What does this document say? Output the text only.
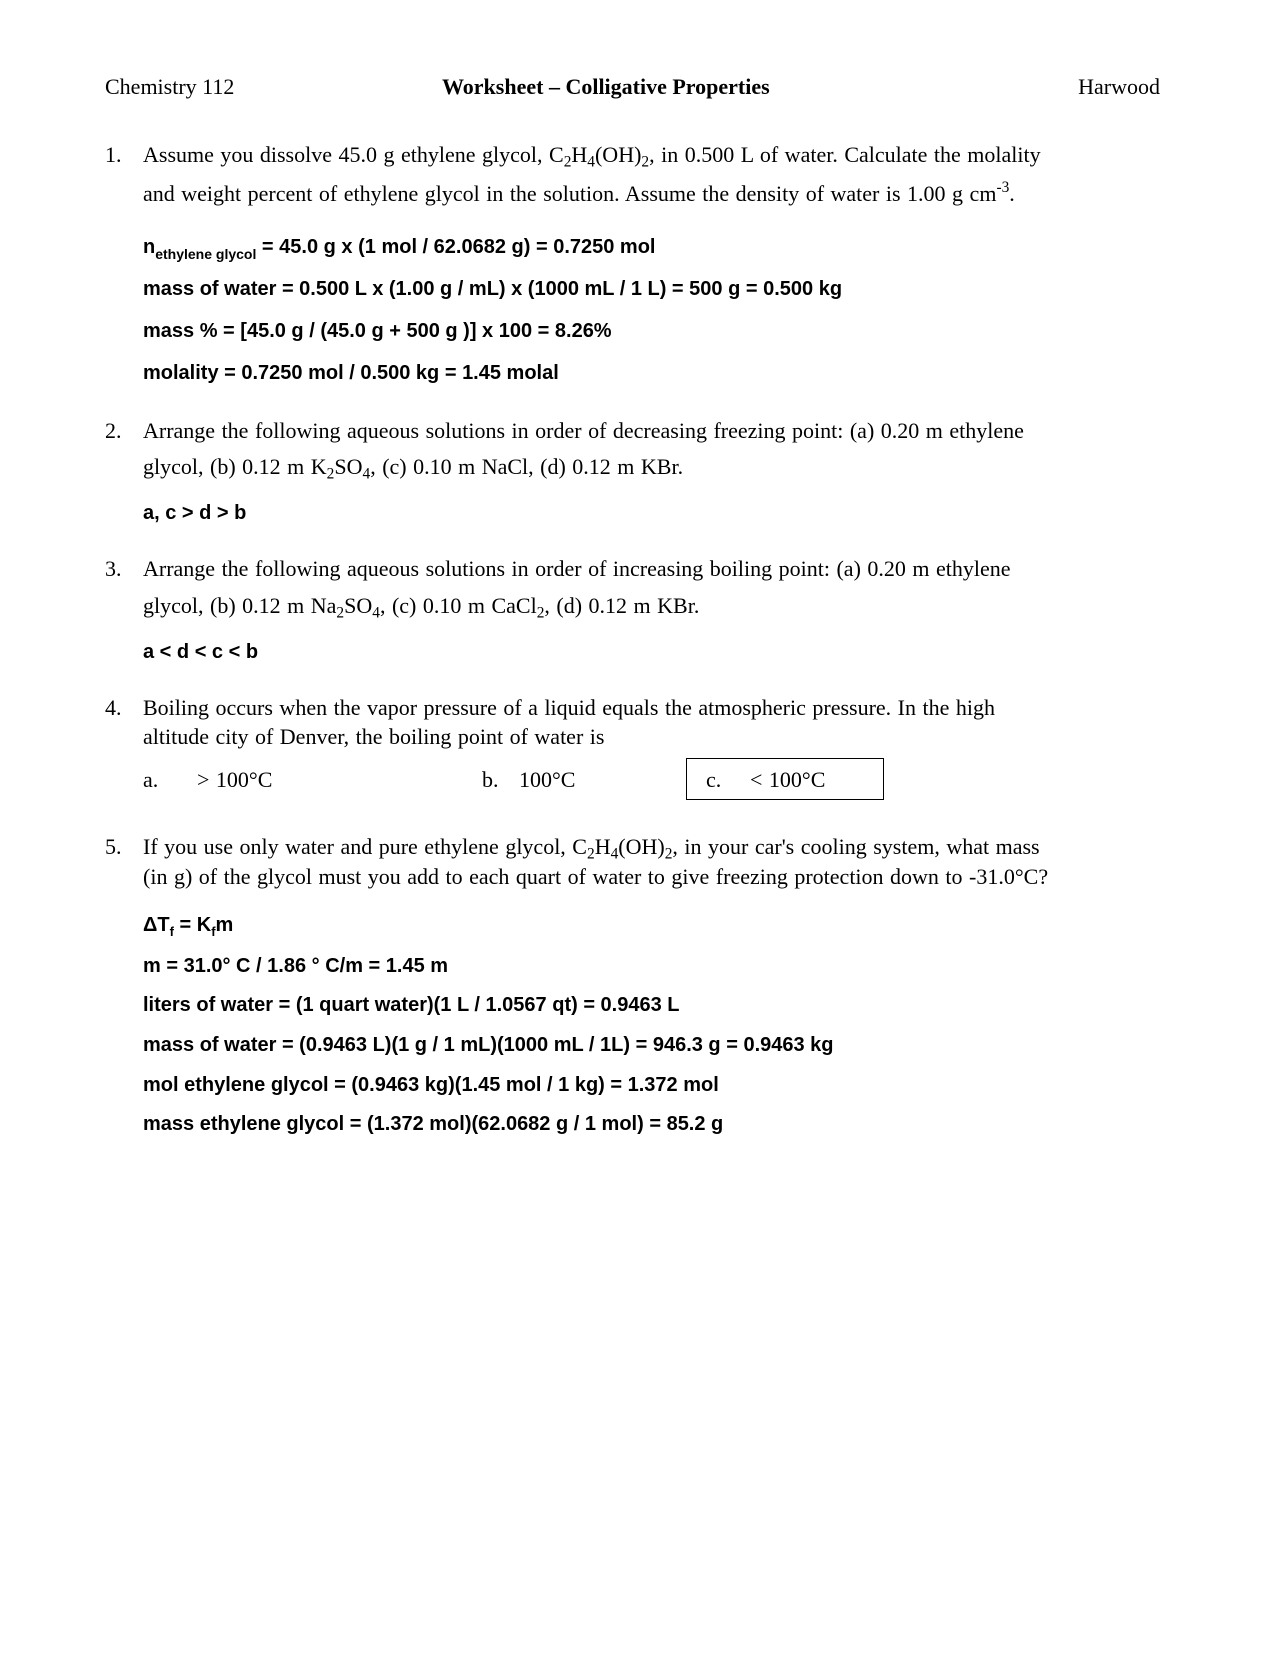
Chemistry 112	Worksheet – Colligative Properties	Harwood
1. Assume you dissolve 45.0 g ethylene glycol, $C_2H_4(OH)_2$, in 0.500 L of water. Calculate the molality
and weight percent of ethylene glycol in the solution. Assume the density of water is 1.00 g $cm^{-3}$.
$n_{ethylene glycol} = 45.0$ g x (1 mol / 62.0682 g) = 0.7250 mol
mass of water = 0.500 L x (1.00 g / mL) x (1000 mL / 1 L) = 500 g = 0.500 kg
mass % = [45.0 g / (45.0 g + 500 g )] x 100 = 8.26%
molality = 0.7250 mol / 0.500 kg = 1.45 molal
2. Arrange the following aqueous solutions in order of decreasing freezing point: (a) 0.20 m ethylene
glycol, (b) 0.12 m $K_2SO_4$, (c) 0.10 m NaCl, (d) 0.12 m KBr.
a, c > d > b
3. Arrange the following aqueous solutions in order of increasing boiling point: (a) 0.20 m ethylene
glycol, (b) 0.12 m $Na_2SO_4$, (c) 0.10 m CaCl$_2$, (d) 0.12 m KBr.
a < d < c < b
4. Boiling occurs when the vapor pressure of a liquid equals the atmospheric pressure. In the high
altitude city of Denver, the boiling point of water is
a. > 100°C	b. 100°C	c. < 100°C
5. If you use only water and pure ethylene glycol, $C_2H_4(OH)_2$, in your car's cooling system, what mass
(in g) of the glycol must you add to each quart of water to give freezing protection down to -31.0°C?
$\Delta T_f = K_fm$
m = 31.0° C / 1.86 ° C/m = 1.45 m
liters of water = (1 quart water)(1 L / 1.0567 qt) = 0.9463 L
mass of water = (0.9463 L)(1 g / 1 mL)(1000 mL / 1L) = 946.3 g = 0.9463 kg
mol ethylene glycol = (0.9463 kg)(1.45 mol / 1 kg) = 1.372 mol
mass ethylene glycol = (1.372 mol)(62.0682 g / 1 mol) = 85.2 g
